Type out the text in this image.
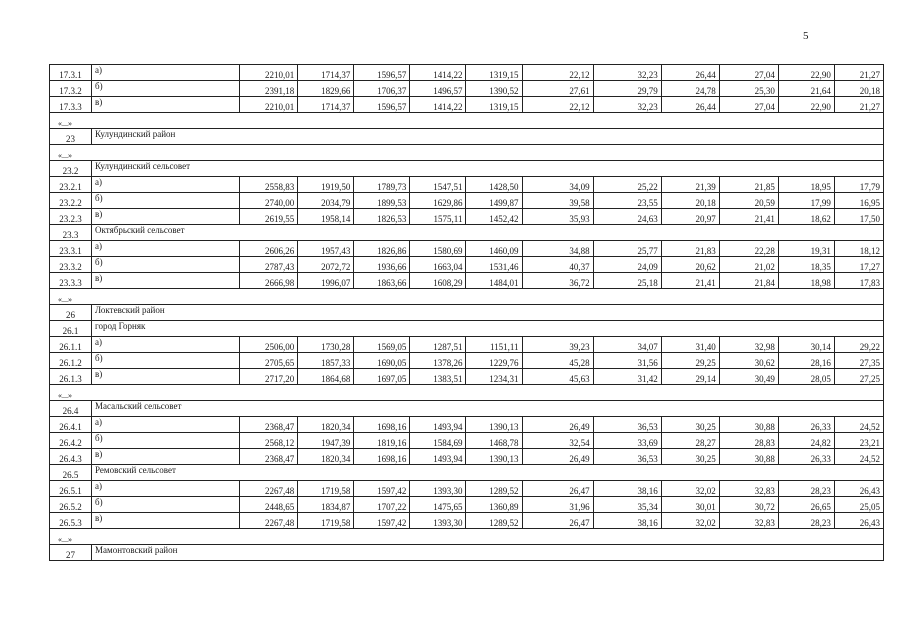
5
17.3.1	а)	2210,01	1714,37	1596,57	1414,22	1319,15	22,12	32,23	26,44	27,04	22,90	21,27
17.3.2	б)	2391,18	1829,66	1706,37	1496,57	1390,52	27,61	29,79	24,78	25,30	21,64	20,18
17.3.3	в)	2210,01	1714,37	1596,57	1414,22	1319,15	22,12	32,23	26,44	27,04	22,90	21,27
«...»												
23	Кулундинский район											
«...»												
23.2	Кулундинский сельсовет											
23.2.1	а)	2558,83	1919,50	1789,73	1547,51	1428,50	34,09	25,22	21,39	21,85	18,95	17,79
23.2.2	б)	2740,00	2034,79	1899,53	1629,86	1499,87	39,58	23,55	20,18	20,59	17,99	16,95
23.2.3	в)	2619,55	1958,14	1826,53	1575,11	1452,42	35,93	24,63	20,97	21,41	18,62	17,50
23.3	Октябрьский сельсовет											
23.3.1	а)	2606,26	1957,43	1826,86	1580,69	1460,09	34,88	25,77	21,83	22,28	19,31	18,12
23.3.2	б)	2787,43	2072,72	1936,66	1663,04	1531,46	40,37	24,09	20,62	21,02	18,35	17,27
23.3.3	в)	2666,98	1996,07	1863,66	1608,29	1484,01	36,72	25,18	21,41	21,84	18,98	17,83
«...»												
26	Локтевский район											
26.1	город Горняк											
26.1.1	а)	2506,00	1730,28	1569,05	1287,51	1151,11	39,23	34,07	31,40	32,98	30,14	29,22
26.1.2	б)	2705,65	1857,33	1690,05	1378,26	1229,76	45,28	31,56	29,25	30,62	28,16	27,35
26.1.3	в)	2717,20	1864,68	1697,05	1383,51	1234,31	45,63	31,42	29,14	30,49	28,05	27,25
«...»												
26.4	Масальский сельсовет											
26.4.1	а)	2368,47	1820,34	1698,16	1493,94	1390,13	26,49	36,53	30,25	30,88	26,33	24,52
26.4.2	б)	2568,12	1947,39	1819,16	1584,69	1468,78	32,54	33,69	28,27	28,83	24,82	23,21
26.4.3	в)	2368,47	1820,34	1698,16	1493,94	1390,13	26,49	36,53	30,25	30,88	26,33	24,52
26.5	Ремовский сельсовет											
26.5.1	а)	2267,48	1719,58	1597,42	1393,30	1289,52	26,47	38,16	32,02	32,83	28,23	26,43
26.5.2	б)	2448,65	1834,87	1707,22	1475,65	1360,89	31,96	35,34	30,01	30,72	26,65	25,05
26.5.3	в)	2267,48	1719,58	1597,42	1393,30	1289,52	26,47	38,16	32,02	32,83	28,23	26,43
«...»												
27	Мамонтовский район											
